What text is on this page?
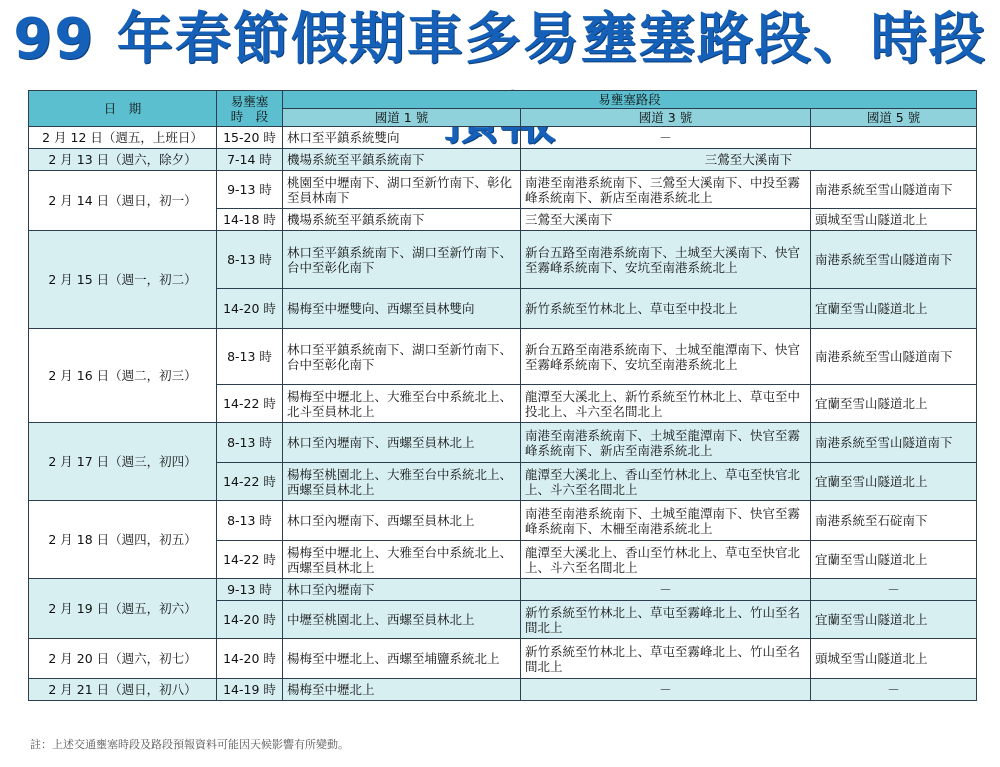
99 年春節假期車多易壅塞路段、時段
日　期	易壅塞
時　段	易壅塞路段		
		國道 1 號	國道 3 號	國道 5 號
2 月 12 日（週五，上班日）	15-20 時	林口至平鎮系統雙向	－	
2 月 13 日（週六，除夕）	7-14 時	機場系統至平鎮系統南下	三鶯至大溪南下	
2 月 14 日（週日，初一）	9-13 時	桃園至中壢南下、湖口至新竹南下、彰化至員林南下	南港至南港系統南下、三鶯至大溪南下、中投至霧峰系統南下、新店至南港系統北上	南港系統至雪山隧道南下
	14-18 時	機場系統至平鎮系統南下	三鶯至大溪南下	頭城至雪山隧道北上
2 月 15 日（週一，初二）	8-13 時	林口至平鎮系統南下、湖口至新竹南下、台中至彰化南下	新台五路至南港系統南下、土城至大溪南下、快官至霧峰系統南下、安坑至南港系統北上	南港系統至雪山隧道南下
	14-20 時	楊梅至中壢雙向、西螺至員林雙向	新竹系統至竹林北上、草屯至中投北上	宜蘭至雪山隧道北上
2 月 16 日（週二，初三）	8-13 時	林口至平鎮系統南下、湖口至新竹南下、台中至彰化南下	新台五路至南港系統南下、土城至龍潭南下、快官至霧峰系統南下、安坑至南港系統北上	南港系統至雪山隧道南下
	14-22 時	楊梅至中壢北上、大雅至台中系統北上、北斗至員林北上	龍潭至大溪北上、新竹系統至竹林北上、草屯至中投北上、斗六至名間北上	宜蘭至雪山隧道北上
2 月 17 日（週三，初四）	8-13 時	林口至內壢南下、西螺至員林北上	南港至南港系統南下、土城至龍潭南下、快官至霧峰系統南下、新店至南港系統北上	南港系統至雪山隧道南下
	14-22 時	楊梅至桃園北上、大雅至台中系統北上、西螺至員林北上	龍潭至大溪北上、香山至竹林北上、草屯至快官北上、斗六至名間北上	宜蘭至雪山隧道北上
2 月 18 日（週四，初五）	8-13 時	林口至內壢南下、西螺至員林北上	南港至南港系統南下、土城至龍潭南下、快官至霧峰系統南下、木柵至南港系統北上	南港系統至石碇南下
	14-22 時	楊梅至中壢北上、大雅至台中系統北上、西螺至員林北上	龍潭至大溪北上、香山至竹林北上、草屯至快官北上、斗六至名間北上	宜蘭至雪山隧道北上
2 月 19 日（週五，初六）	9-13 時	林口至內壢南下	－	－
	14-20 時	中壢至桃園北上、西螺至員林北上	新竹系統至竹林北上、草屯至霧峰北上、竹山至名間北上	宜蘭至雪山隧道北上
2 月 20 日（週六，初七）	14-20 時	楊梅至中壢北上、西螺至埔鹽系統北上	新竹系統至竹林北上、草屯至霧峰北上、竹山至名間北上	頭城至雪山隧道北上
2 月 21 日（週日，初八）	14-19 時	楊梅至中壢北上	－	－
註：上述交通壅塞時段及路段預報資料可能因天候影響有所變動。
